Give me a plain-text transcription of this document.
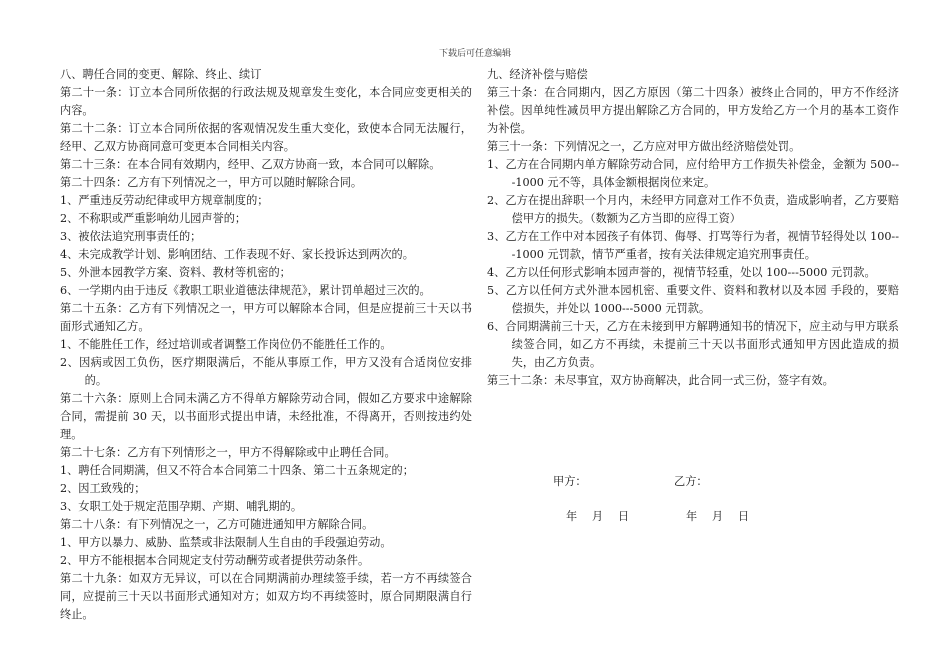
下载后可任意编辑

八、聘任合同的变更、解除、终止、续订

第二十一条：订立本合同所依据的行政法规及规章发生变化，本合同应变更相关的内容。

第二十二条：订立本合同所依据的客观情况发生重大变化，致使本合同无法履行，经甲、乙双方协商同意可变更本合同相关内容。

第二十三条：在本合同有效期内，经甲、乙双方协商一致，本合同可以解除。

第二十四条：乙方有下列情况之一，甲方可以随时解除合同。

1、严重违反劳动纪律或甲方规章制度的；

2、不称职或严重影响幼儿园声誉的；

3、被依法追究刑事责任的；

4、未完成教学计划、影响团结、工作表现不好、家长投诉达到两次的。

5、外泄本园教学方案、资料、教材等机密的；

6、一学期内由于违反《教职工职业道德法律规范》，累计罚单超过三次的。

第二十五条：乙方有下列情况之一，甲方可以解除本合同，但是应提前三十天以书面形式通知乙方。

1、不能胜任工作，经过培训或者调整工作岗位仍不能胜任工作的。

2、因病或因工负伤，医疗期限满后，不能从事原工作，甲方又没有合适岗位安排的。

第二十六条：原则上合同未满乙方不得单方解除劳动合同，假如乙方要求中途解除合同，需提前 30 天，以书面形式提出申请，未经批准，不得离开，否则按违约处理。

第二十七条：乙方有下列情形之一，甲方不得解除或中止聘任合同。

1、聘任合同期满，但又不符合本合同第二十四条、第二十五条规定的；

2、因工致残的；

3、女职工处于规定范围孕期、产期、哺乳期的。

第二十八条：有下列情况之一，乙方可随进通知甲方解除合同。

1、甲方以暴力、威胁、监禁或非法限制人生自由的手段强迫劳动。

2、甲方不能根据本合同规定支付劳动酬劳或者提供劳动条件。

第二十九条：如双方无异议，可以在合同期满前办理续签手续，若一方不再续签合同，应提前三十天以书面形式通知对方；如双方均不再续签时，原合同期限满自行终止。

九、经济补偿与赔偿

第三十条：在合同期内，因乙方原因（第二十四条）被终止合同的，甲方不作经济补偿。因单纯性减员甲方提出解除乙方合同的，甲方发给乙方一个月的基本工资作为补偿。

第三十一条：下列情况之一，乙方应对甲方做出经济赔偿处罚。

1、乙方在合同期内单方解除劳动合同，应付给甲方工作损失补偿金，金额为 500---1000 元不等，具体金额根据岗位来定。

2、乙方在提出辞职一个月内，未经甲方同意对工作不负责，造成影响者，乙方要赔偿甲方的损失。（数额为乙方当即的应得工资）

3、乙方在工作中对本园孩子有体罚、侮辱、打骂等行为者，视情节轻得处以 100---1000 元罚款，情节严重者，按有关法律规定追究刑事责任。

4、乙方以任何形式影响本园声誉的，视情节轻重，处以 100---5000 元罚款。

5、乙方以任何方式外泄本园机密、重要文件、资料和教材以及本园 手段的，要赔偿损失，并处以 1000---5000 元罚款。

6、合同期满前三十天，乙方在未接到甲方解聘通知书的情况下，应主动与甲方联系续签合同，如乙方不再续，未提前三十天以书面形式通知甲方因此造成的损失，由乙方负责。

第三十二条：未尽事宜，双方协商解决，此合同一式三份，签字有效。

甲方：	乙方：
年　 月　 日	年　 月　 日
